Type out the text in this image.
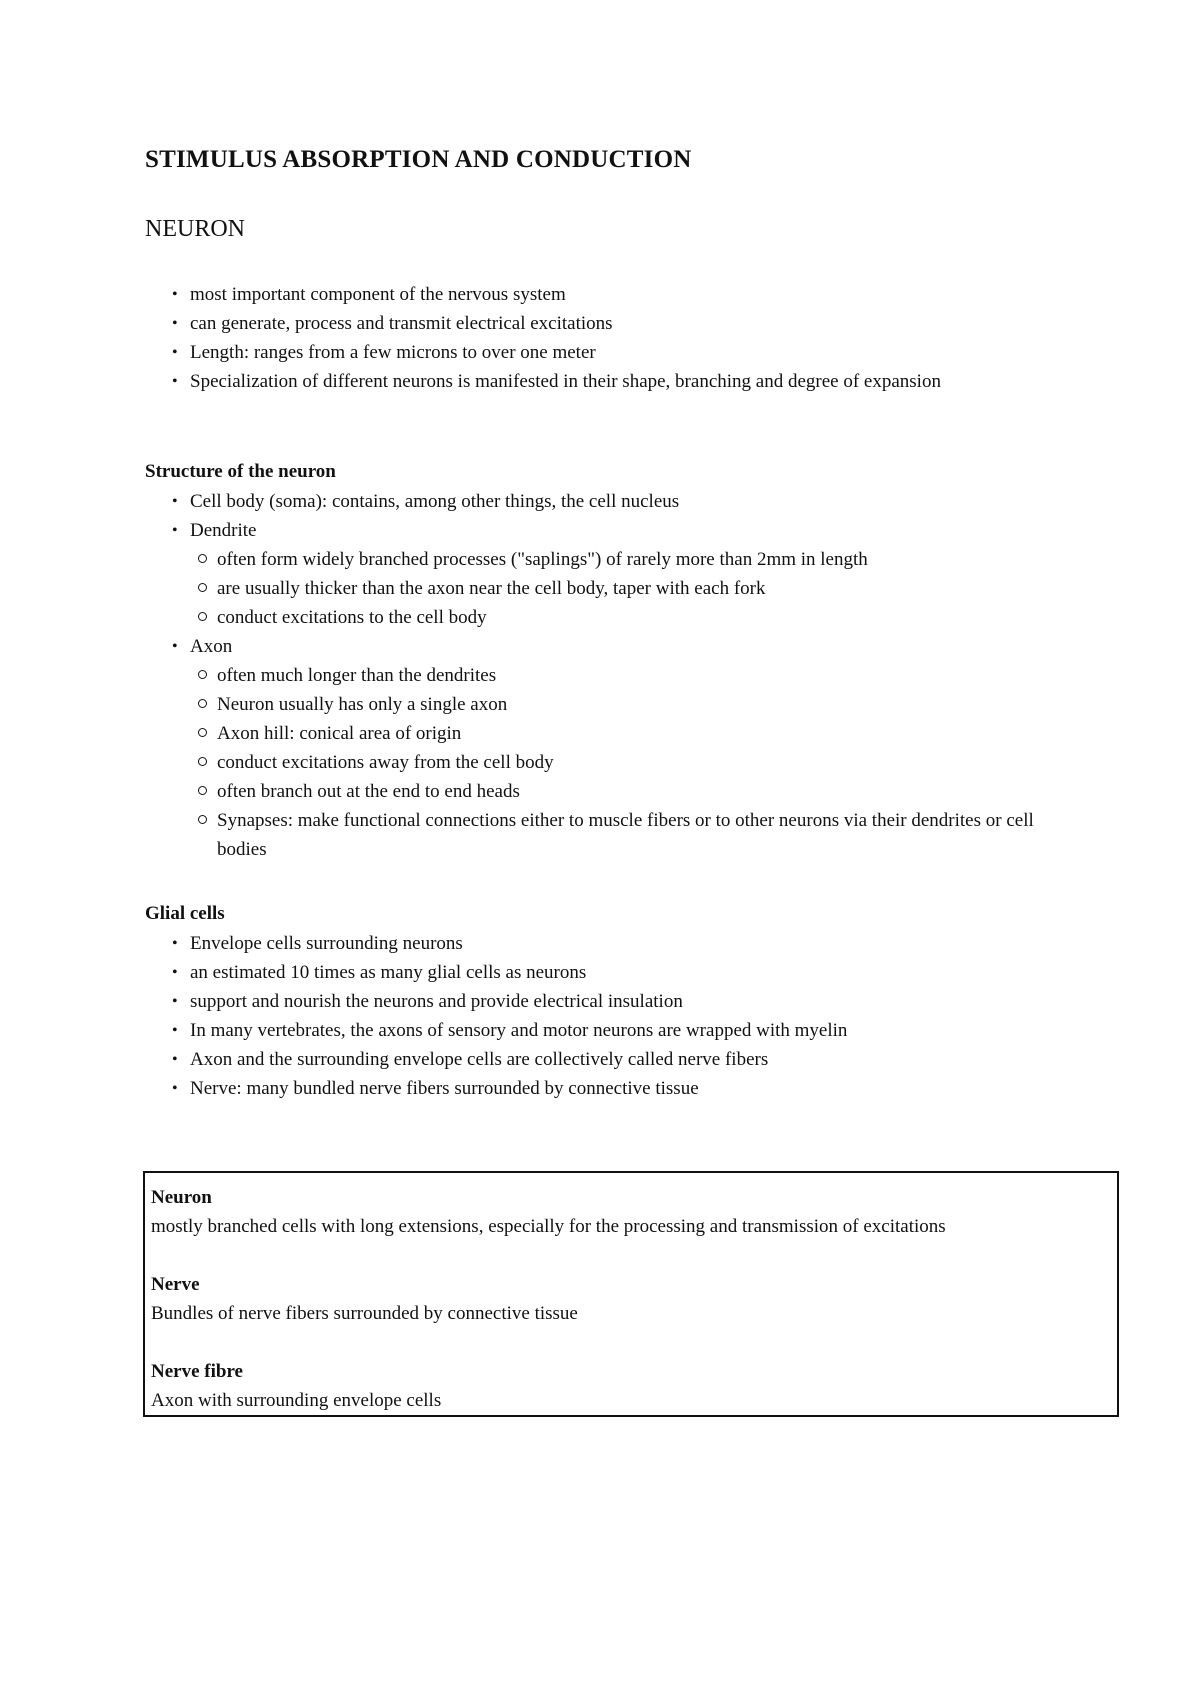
STIMULUS ABSORPTION AND CONDUCTION
NEURON
• most important component of the nervous system
• can generate, process and transmit electrical excitations
• Length: ranges from a few microns to over one meter
• Specialization of different neurons is manifested in their shape, branching and degree of expansion
Structure of the neuron
• Cell body (soma): contains, among other things, the cell nucleus
• Dendrite
often form widely branched processes ("saplings") of rarely more than 2mm in length
are usually thicker than the axon near the cell body, taper with each fork
conduct excitations to the cell body
• Axon
often much longer than the dendrites
Neuron usually has only a single axon
Axon hill: conical area of origin
conduct excitations away from the cell body
often branch out at the end to end heads
Synapses: make functional connections either to muscle fibers or to other neurons via their dendrites or cell bodies
Glial cells
• Envelope cells surrounding neurons
• an estimated 10 times as many glial cells as neurons
• support and nourish the neurons and provide electrical insulation
• In many vertebrates, the axons of sensory and motor neurons are wrapped with myelin
• Axon and the surrounding envelope cells are collectively called nerve fibers
• Nerve: many bundled nerve fibers surrounded by connective tissue
Neuron
mostly branched cells with long extensions, especially for the processing and transmission of excitations
Nerve
Bundles of nerve fibers surrounded by connective tissue
Nerve fibre
Axon with surrounding envelope cells
